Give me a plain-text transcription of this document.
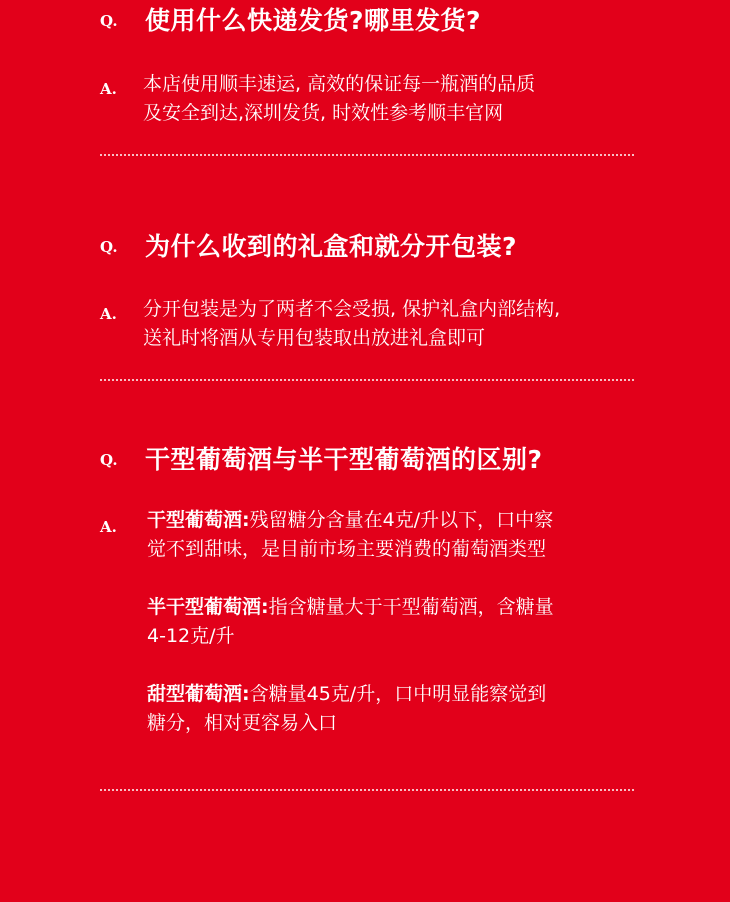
Q. 使用什么快递发货?哪里发货?
A. 本店使用顺丰速运, 高效的保证每一瓶酒的品质

及安全到达,深圳发货, 时效性参考顺丰官网

Q. 为什么收到的礼盒和就分开包装?
A. 分开包装是为了两者不会受损, 保护礼盒内部结构,

送礼时将酒从专用包装取出放进礼盒即可

Q. 干型葡萄酒与半干型葡萄酒的区别?
A. 干型葡萄酒:残留糖分含量在4克/升以下，口中察
觉不到甜味，是目前市场主要消费的葡萄酒类型
半干型葡萄酒:指含糖量大于干型葡萄酒，含糖量
4-12克/升
甜型葡萄酒:含糖量45克/升，口中明显能察觉到
糖分，相对更容易入口
